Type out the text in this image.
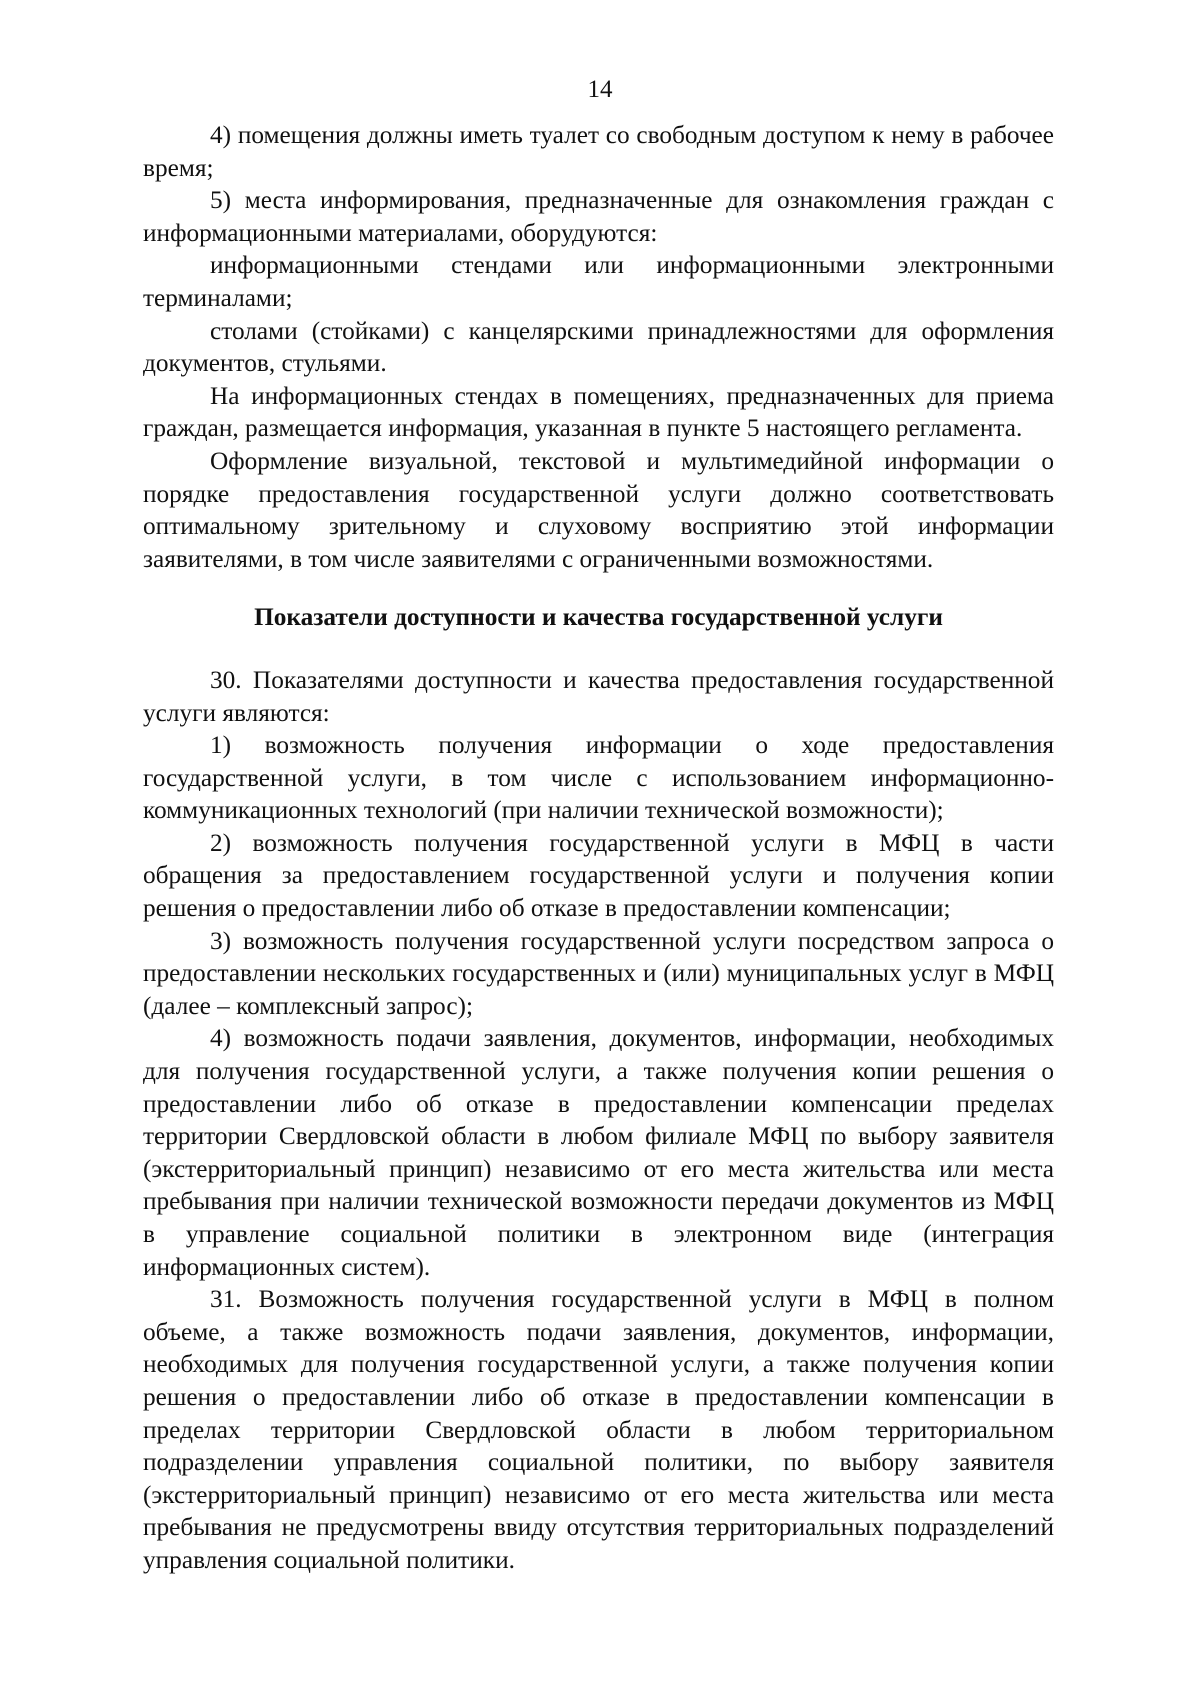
14

4) помещения должны иметь туалет со свободным доступом к нему в рабочее время;

5) места информирования, предназначенные для ознакомления граждан с информационными материалами, оборудуются:

информационными стендами или информационными электронными терминалами;

столами (стойками) с канцелярскими принадлежностями для оформления документов, стульями.

На информационных стендах в помещениях, предназначенных для приема граждан, размещается информация, указанная в пункте 5 настоящего регламента.

Оформление визуальной, текстовой и мультимедийной информации о порядке предоставления государственной услуги должно соответствовать оптимальному зрительному и слуховому восприятию этой информации заявителями, в том числе заявителями с ограниченными возможностями.

Показатели доступности и качества государственной услуги

30. Показателями доступности и качества предоставления государственной услуги являются:

1) возможность получения информации о ходе предоставления государственной услуги, в том числе с использованием информационно-коммуникационных технологий (при наличии технической возможности);

2) возможность получения государственной услуги в МФЦ в части обращения за предоставлением государственной услуги и получения копии решения о предоставлении либо об отказе в предоставлении компенсации;

3) возможность получения государственной услуги посредством запроса о предоставлении нескольких государственных и (или) муниципальных услуг в МФЦ (далее – комплексный запрос);

4) возможность подачи заявления, документов, информации, необходимых для получения государственной услуги, а также получения копии решения о предоставлении либо об отказе в предоставлении компенсации пределах территории Свердловской области в любом филиале МФЦ по выбору заявителя (экстерриториальный принцип) независимо от его места жительства или места пребывания при наличии технической возможности передачи документов из МФЦ в управление социальной политики в электронном виде (интеграция информационных систем).

31. Возможность получения государственной услуги в МФЦ в полном объеме, а также возможность подачи заявления, документов, информации, необходимых для получения государственной услуги, а также получения копии решения о предоставлении либо об отказе в предоставлении компенсации в пределах территории Свердловской области в любом территориальном подразделении управления социальной политики, по выбору заявителя (экстерриториальный принцип) независимо от его места жительства или места пребывания не предусмотрены ввиду отсутствия территориальных подразделений управления социальной политики.
